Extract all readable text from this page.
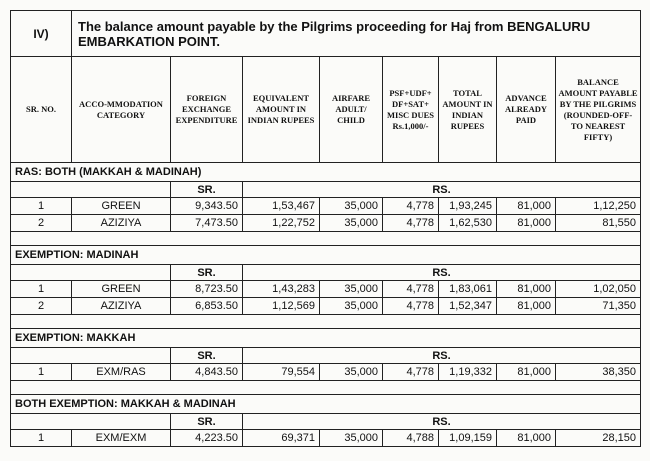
IV)	The balance amount payable by the Pilgrims proceeding for Haj from BENGALURU EMBARKATION POINT.							
SR. NO.	ACCO-MMODATION CATEGORY	FOREIGN EXCHANGE EXPENDITURE	EQUIVALENT AMOUNT IN INDIAN RUPEES	AIRFARE ADULT/ CHILD	PSF+UDF+ DF+SAT+ MISC DUES Rs.1,000/-	TOTAL AMOUNT IN INDIAN RUPEES	ADVANCE ALREADY PAID	BALANCE AMOUNT PAYABLE BY THE PILGRIMS (ROUNDED-OFF-TO NEAREST FIFTY)
RAS: BOTH (MAKKAH & MADINAH)								
		SR.	RS.					
1	GREEN	9,343.50	1,53,467	35,000	4,778	1,93,245	81,000	1,12,250
2	AZIZIYA	7,473.50	1,22,752	35,000	4,778	1,62,530	81,000	81,550

EXEMPTION: MADINAH								
		SR.	RS.					
1	GREEN	8,723.50	1,43,283	35,000	4,778	1,83,061	81,000	1,02,050
2	AZIZIYA	6,853.50	1,12,569	35,000	4,778	1,52,347	81,000	71,350

EXEMPTION: MAKKAH								
		SR.	RS.					
1	EXM/RAS	4,843.50	79,554	35,000	4,778	1,19,332	81,000	38,350

BOTH EXEMPTION: MAKKAH & MADINAH								
		SR.	RS.					
1	EXM/EXM	4,223.50	69,371	35,000	4,788	1,09,159	81,000	28,150
